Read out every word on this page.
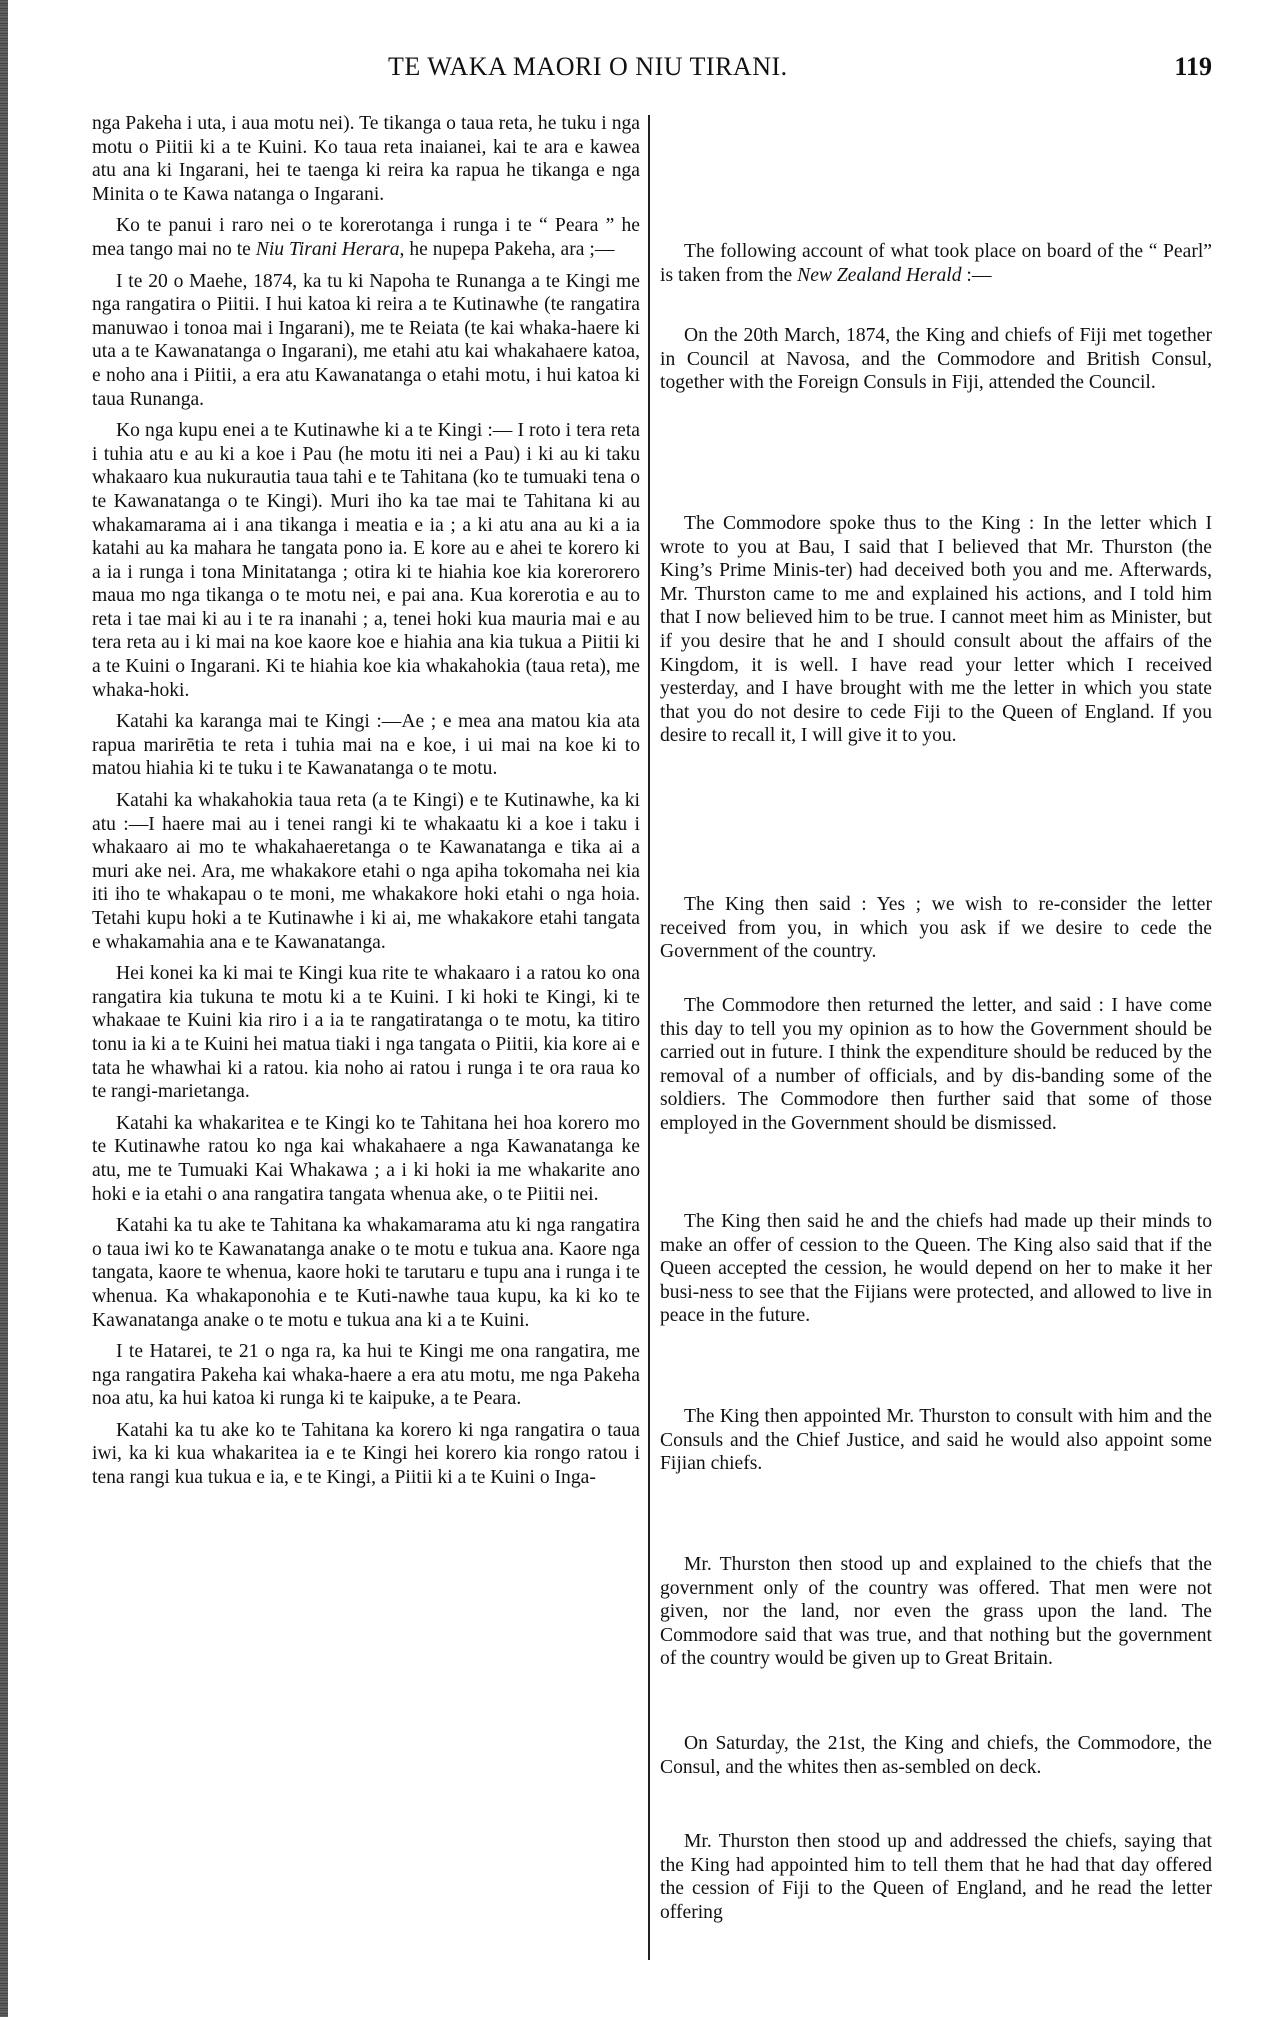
TE WAKA MAORI O NIU TIRANI.	119

nga Pakeha i uta, i aua motu nei). Te tikanga o taua reta, he tuku i nga motu o Piitii ki a te Kuini. Ko taua reta inaianei, kai te ara e kawea atu ana ki Ingarani, hei te taenga ki reira ka rapua he tikanga e nga Minita o te Kawa natanga o Ingarani.

Ko te panui i raro nei o te korerotanga i runga i te “ Peara ” he mea tango mai no te Niu Tirani Herara, he nupepa Pakeha, ara ;—

I te 20 o Maehe, 1874, ka tu ki Napoha te Runanga a te Kingi me nga rangatira o Piitii. I hui katoa ki reira a te Kutinawhe (te rangatira manuwao i tonoa mai i Ingarani), me te Reiata (te kai whaka-haere ki uta a te Kawanatanga o Ingarani), me etahi atu kai whakahaere katoa, e noho ana i Piitii, a era atu Kawanatanga o etahi motu, i hui katoa ki taua Runanga.

Ko nga kupu enei a te Kutinawhe ki a te Kingi :— I roto i tera reta i tuhia atu e au ki a koe i Pau (he motu iti nei a Pau) i ki au ki taku whakaaro kua nukurautia taua tahi e te Tahitana (ko te tumuaki tena o te Kawanatanga o te Kingi). Muri iho ka tae mai te Tahitana ki au whakamarama ai i ana tikanga i meatia e ia ; a ki atu ana au ki a ia katahi au ka mahara he tangata pono ia. E kore au e ahei te korero ki a ia i runga i tona Minitatanga ; otira ki te hiahia koe kia korerorero maua mo nga tikanga o te motu nei, e pai ana. Kua korerotia e au to reta i tae mai ki au i te ra inanahi ; a, tenei hoki kua mauria mai e au tera reta au i ki mai na koe kaore koe e hiahia ana kia tukua a Piitii ki a te Kuini o Ingarani. Ki te hiahia koe kia whakahokia (taua reta), me whaka-hoki.

Katahi ka karanga mai te Kingi :—Ae ; e mea ana matou kia ata rapua marirētia te reta i tuhia mai na e koe, i ui mai na koe ki to matou hiahia ki te tuku i te Kawanatanga o te motu.

Katahi ka whakahokia taua reta (a te Kingi) e te Kutinawhe, ka ki atu :—I haere mai au i tenei rangi ki te whakaatu ki a koe i taku i whakaaro ai mo te whakahaeretanga o te Kawanatanga e tika ai a muri ake nei. Ara, me whakakore etahi o nga apiha tokomaha nei kia iti iho te whakapau o te moni, me whakakore hoki etahi o nga hoia. Tetahi kupu hoki a te Kutinawhe i ki ai, me whakakore etahi tangata e whakamahia ana e te Kawanatanga.

Hei konei ka ki mai te Kingi kua rite te whakaaro i a ratou ko ona rangatira kia tukuna te motu ki a te Kuini. I ki hoki te Kingi, ki te whakaae te Kuini kia riro i a ia te rangatiratanga o te motu, ka titiro tonu ia ki a te Kuini hei matua tiaki i nga tangata o Piitii, kia kore ai e tata he whawhai ki a ratou. kia noho ai ratou i runga i te ora raua ko te rangi-marietanga.

Katahi ka whakaritea e te Kingi ko te Tahitana hei hoa korero mo te Kutinawhe ratou ko nga kai whakahaere a nga Kawanatanga ke atu, me te Tumuaki Kai Whakawa ; a i ki hoki ia me whakarite ano hoki e ia etahi o ana rangatira tangata whenua ake, o te Piitii nei.

Katahi ka tu ake te Tahitana ka whakamarama atu ki nga rangatira o taua iwi ko te Kawanatanga anake o te motu e tukua ana. Kaore nga tangata, kaore te whenua, kaore hoki te tarutaru e tupu ana i runga i te whenua. Ka whakaponohia e te Kuti-nawhe taua kupu, ka ki ko te Kawanatanga anake o te motu e tukua ana ki a te Kuini.

I te Hatarei, te 21 o nga ra, ka hui te Kingi me ona rangatira, me nga rangatira Pakeha kai whaka-haere a era atu motu, me nga Pakeha noa atu, ka hui katoa ki runga ki te kaipuke, a te Peara.

Katahi ka tu ake ko te Tahitana ka korero ki nga rangatira o taua iwi, ka ki kua whakaritea ia e te Kingi hei korero kia rongo ratou i tena rangi kua tukua e ia, e te Kingi, a Piitii ki a te Kuini o Inga-

The following account of what took place on board of the “ Pearl” is taken from the New Zealand Herald :—

On the 20th March, 1874, the King and chiefs of Fiji met together in Council at Navosa, and the Commodore and British Consul, together with the Foreign Consuls in Fiji, attended the Council.

The Commodore spoke thus to the King : In the letter which I wrote to you at Bau, I said that I believed that Mr. Thurston (the King’s Prime Minis-ter) had deceived both you and me. Afterwards, Mr. Thurston came to me and explained his actions, and I told him that I now believed him to be true. I cannot meet him as Minister, but if you desire that he and I should consult about the affairs of the Kingdom, it is well. I have read your letter which I received yesterday, and I have brought with me the letter in which you state that you do not desire to cede Fiji to the Queen of England. If you desire to recall it, I will give it to you.

The King then said : Yes ; we wish to re-consider the letter received from you, in which you ask if we desire to cede the Government of the country.

The Commodore then returned the letter, and said : I have come this day to tell you my opinion as to how the Government should be carried out in future. I think the expenditure should be reduced by the removal of a number of officials, and by dis-banding some of the soldiers. The Commodore then further said that some of those employed in the Government should be dismissed.

The King then said he and the chiefs had made up their minds to make an offer of cession to the Queen. The King also said that if the Queen accepted the cession, he would depend on her to make it her busi-ness to see that the Fijians were protected, and allowed to live in peace in the future.

The King then appointed Mr. Thurston to consult with him and the Consuls and the Chief Justice, and said he would also appoint some Fijian chiefs.

Mr. Thurston then stood up and explained to the chiefs that the government only of the country was offered. That men were not given, nor the land, nor even the grass upon the land. The Commodore said that was true, and that nothing but the government of the country would be given up to Great Britain.

On Saturday, the 21st, the King and chiefs, the Commodore, the Consul, and the whites then as-sembled on deck.

Mr. Thurston then stood up and addressed the chiefs, saying that the King had appointed him to tell them that he had that day offered the cession of Fiji to the Queen of England, and he read the letter offering
